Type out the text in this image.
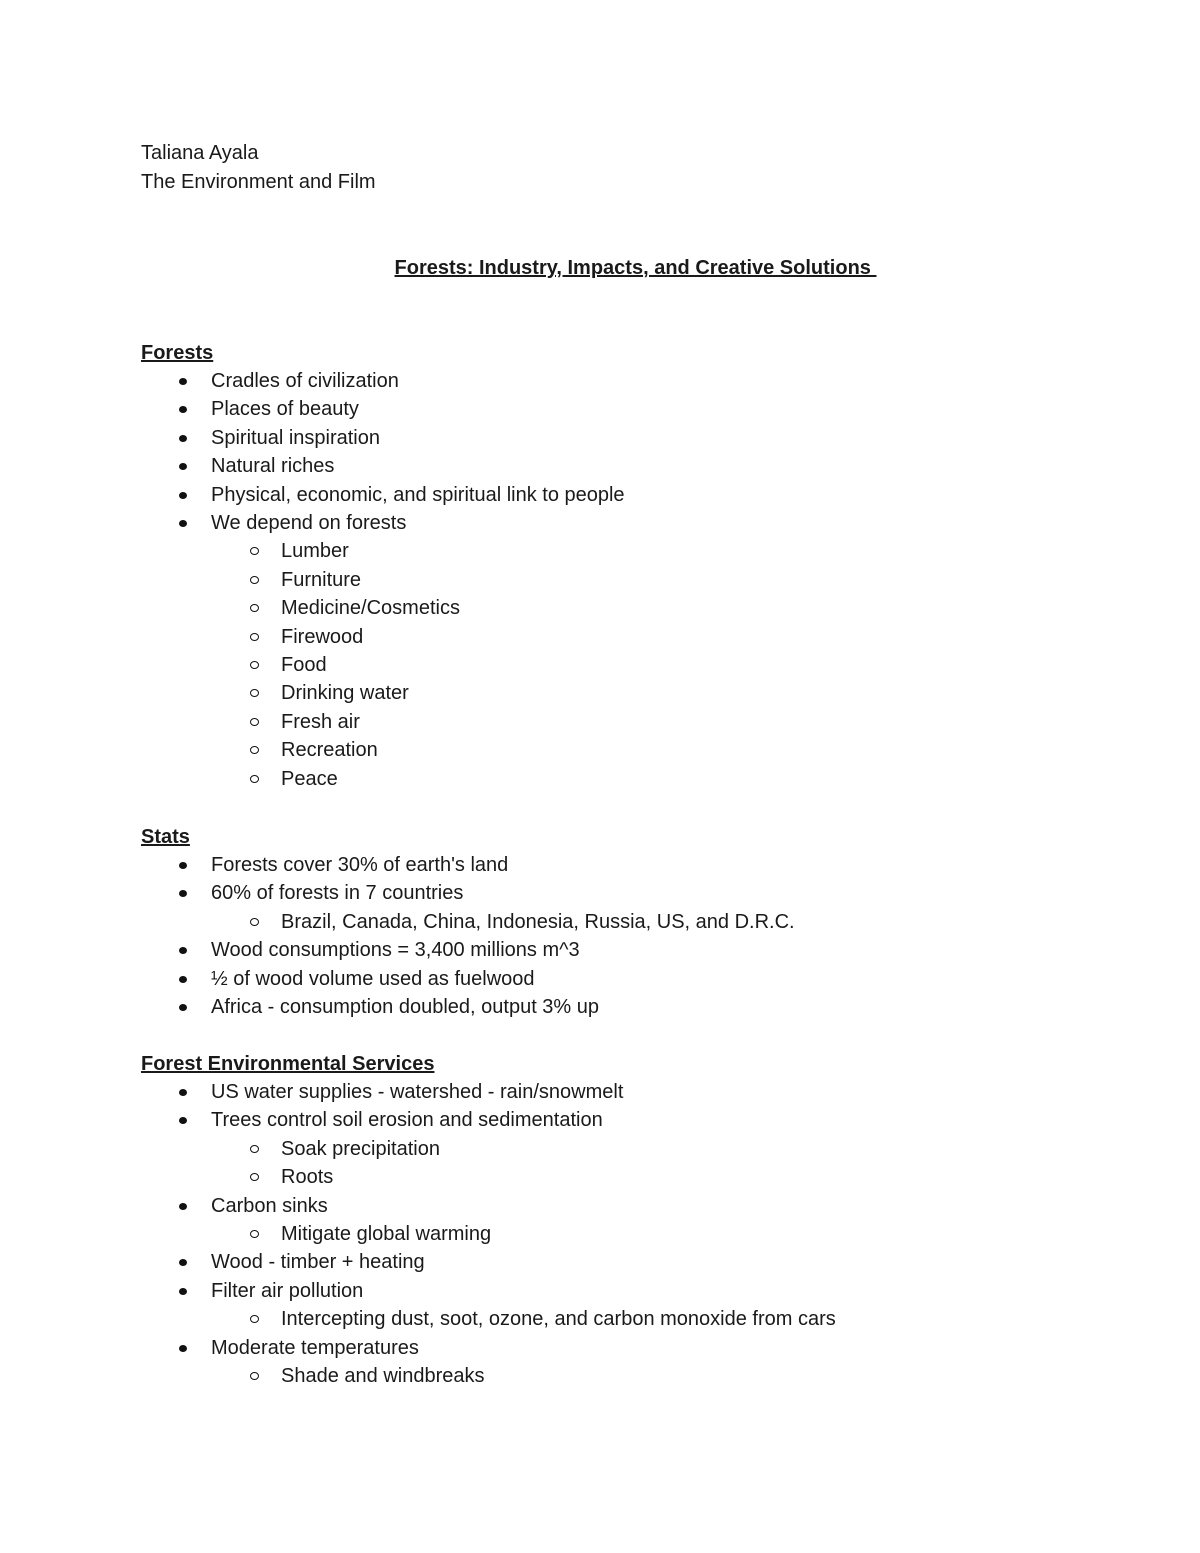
Taliana Ayala
The Environment and Film
Forests: Industry, Impacts, and Creative Solutions
Forests
Cradles of civilization
Places of beauty
Spiritual inspiration
Natural riches
Physical, economic, and spiritual link to people
We depend on forests
Lumber
Furniture
Medicine/Cosmetics
Firewood
Food
Drinking water
Fresh air
Recreation
Peace
Stats
Forests cover 30% of earth's land
60% of forests in 7 countries
Brazil, Canada, China, Indonesia, Russia, US, and D.R.C.
Wood consumptions = 3,400 millions m^3
½ of wood volume used as fuelwood
Africa - consumption doubled, output 3% up
Forest Environmental Services
US water supplies - watershed - rain/snowmelt
Trees control soil erosion and sedimentation
Soak precipitation
Roots
Carbon sinks
Mitigate global warming
Wood - timber + heating
Filter air pollution
Intercepting dust, soot, ozone, and carbon monoxide from cars
Moderate temperatures
Shade and windbreaks
